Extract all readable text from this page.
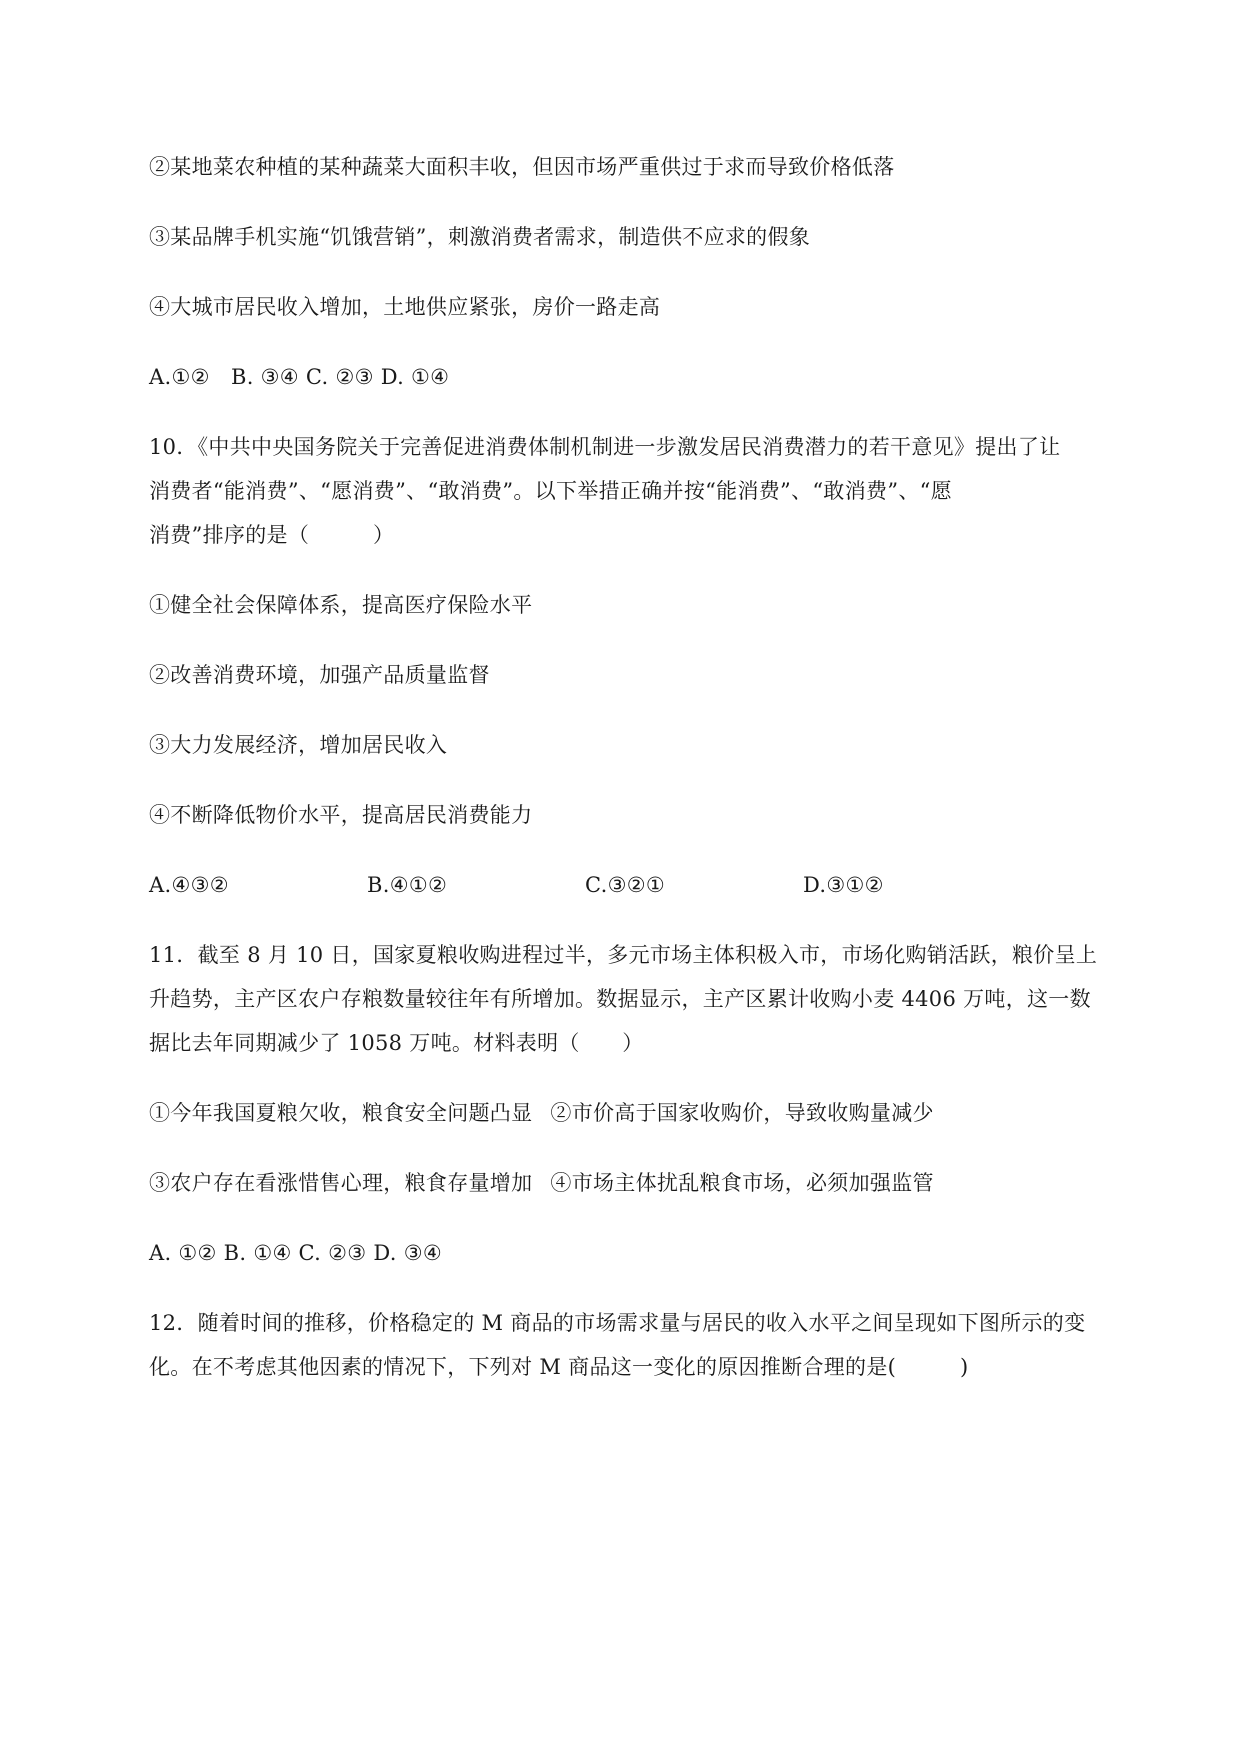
②某地菜农种植的某种蔬菜大面积丰收，但因市场严重供过于求而导致价格低落
③某品牌手机实施“饥饿营销”，刺激消费者需求，制造供不应求的假象
④大城市居民收入增加，土地供应紧张，房价一路走高
A.①②　B. ③④ C. ②③ D. ①④
10．《中共中央国务院关于完善促进消费体制机制进一步激发居民消费潜力的若干意见》提出了让
消费者“能消费”、“愿消费”、“敢消费”。以下举措正确并按“能消费”、“敢消费”、“愿
消费”排序的是（　　　）
①健全社会保障体系，提高医疗保险水平
②改善消费环境，加强产品质量监督
③大力发展经济，增加居民收入
④不断降低物价水平，提高居民消费能力
A.④③②	B.④①②	C.③②①	D.③①②
11．截至 8 月 10 日，国家夏粮收购进程过半，多元市场主体积极入市，市场化购销活跃，粮价呈上
升趋势，主产区农户存粮数量较往年有所增加。数据显示，主产区累计收购小麦 4406 万吨，这一数
据比去年同期减少了 1058 万吨。材料表明（　　）
①今年我国夏粮欠收，粮食安全问题凸显 ②市价高于国家收购价，导致收购量减少
③农户存在看涨惜售心理，粮食存量增加 ④市场主体扰乱粮食市场，必须加强监管
A. ①② B. ①④ C. ②③ D. ③④
12．随着时间的推移，价格稳定的 M 商品的市场需求量与居民的收入水平之间呈现如下图所示的变
化。在不考虑其他因素的情况下，下列对 M 商品这一变化的原因推断合理的是(　　　)
